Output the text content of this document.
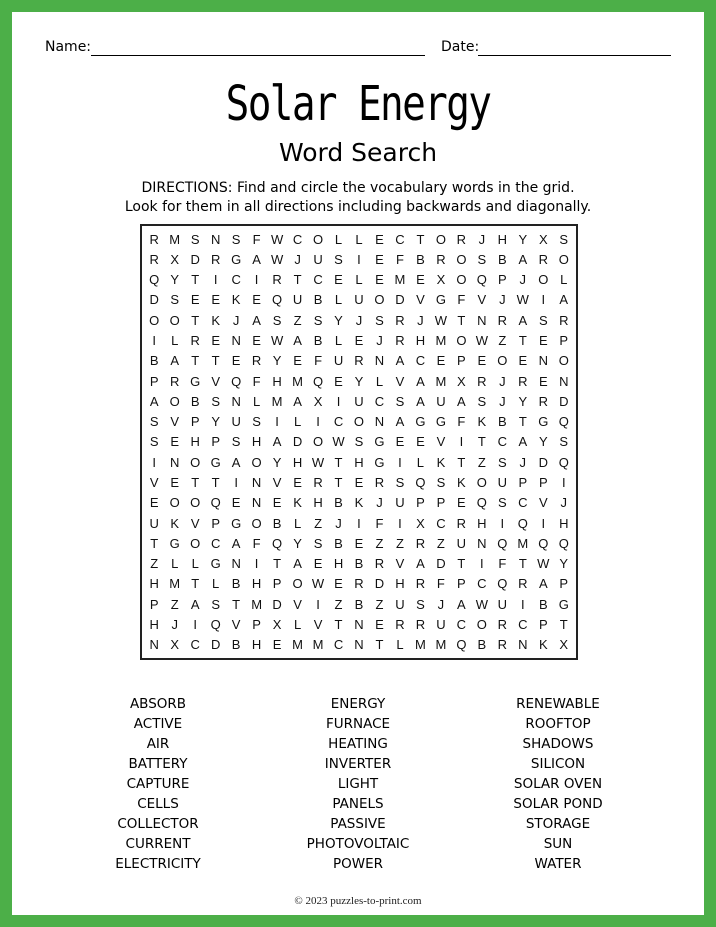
Name:	Date:
Solar Energy
Word Search
DIRECTIONS: Find and circle the vocabulary words in the grid.
Look for them in all directions including backwards and diagonally.
R M S N S F W C O L	L E C T O R J H Y X S
R X D R G A W J U S	I	E F B R O S B A R O
Q Y T	I	C	I	R T C E L E M E X O Q P J O L
D S E E K E Q U B L U O D V G F V J W I	A
O O T K J A S Z S Y J S R J W T N R A S R
I	L R E N E W A B L E J R H M O W Z T E P
B A T T E R Y E F U R N A C E P E O E N O
P R G V Q F H M Q E Y L V A M X R J R E N
A O B S N L M A X	I	U C S A U A S J Y R D
S V P Y U S	I	L	I	C O N A G G F K B T G Q
S E H P S H A D O W S G E E V	I	T C A Y S
I	N O G A O Y H W T H G	I	L K T Z S J D Q
V E T T	I	N V E R T E R S Q S K O U P P	I
E O O Q E N E K H B K J U P P E Q S C V J
U K V P G O B L Z	J	I	F	I	X C R H	I	Q	I	H
T G O C A F Q Y S B E Z Z R Z U N Q M Q Q
Z L	L G N	I	T A E H B R V A D T	I	F T W Y
H M T L B H P O W E R D H R F P C Q R A P
P Z A S T M D V	I	Z B Z U S J A W U	I	B G
H J	I	Q V P X L V T N E R R U C O R C P T
N X C D B H E M M C N T L M M Q B R N K X
ABSORB
ACTIVE
AIR
BATTERY
CAPTURE
CELLS
COLLECTOR
CURRENT
ELECTRICITY
ENERGY
FURNACE
HEATING
INVERTER
LIGHT
PANELS
PASSIVE
PHOTOVOLTAIC
POWER
RENEWABLE
ROOFTOP
SHADOWS
SILICON
SOLAR OVEN
SOLAR POND
STORAGE
SUN
WATER
© 2023 puzzles-to-print.com
